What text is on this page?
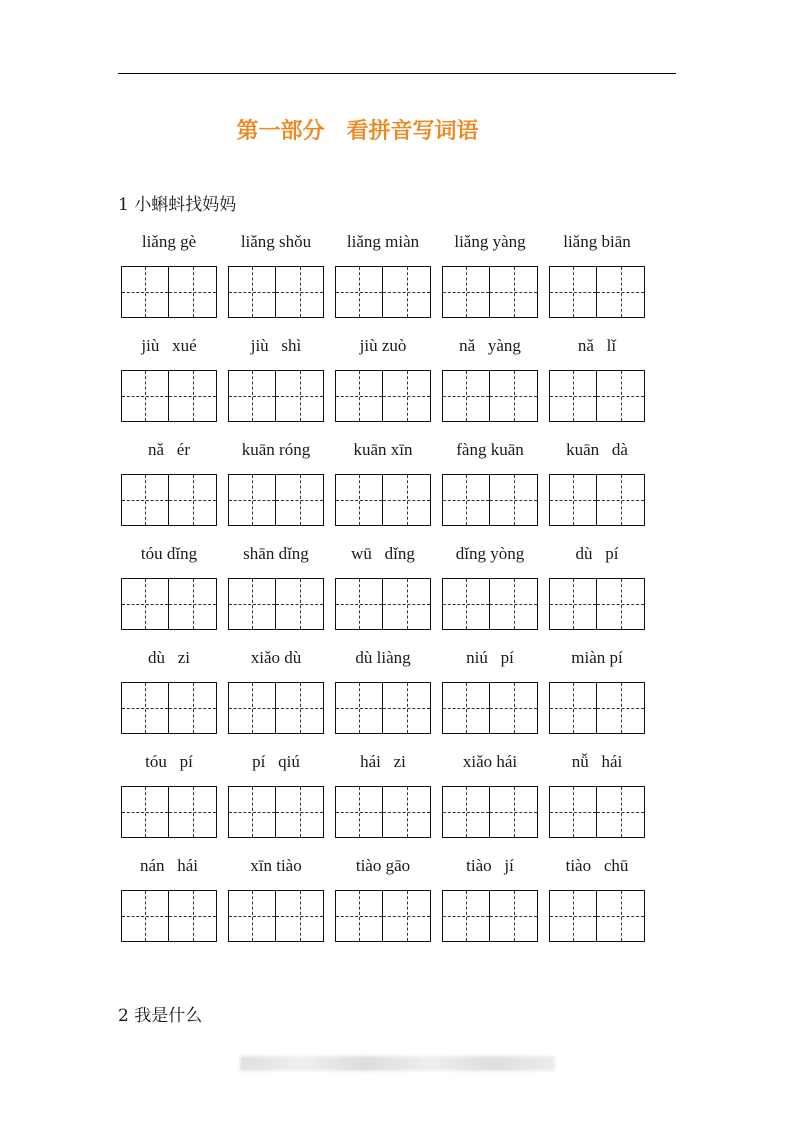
第一部分　看拼音写词语
1 小蝌蚪找妈妈
liǎng gè	liǎng shǒu	liǎng miàn	liǎng yàng	liǎng biān
jiù   xué	jiù   shì	jiù zuò	nǎ   yàng	nǎ   lǐ
nǎ   ér	kuān róng	kuān xīn	fàng kuān	kuān   dà
tóu dǐng	shān dǐng	wū   dǐng	dǐng yòng	dù   pí
dù   zi	xiǎo dù	dù liàng	niú   pí	miàn pí
tóu   pí	pí   qiú	hái   zi	xiǎo hái	nǚ   hái
nán   hái	xīn tiào	tiào gāo	tiào   jí	tiào   chū
2 我是什么
